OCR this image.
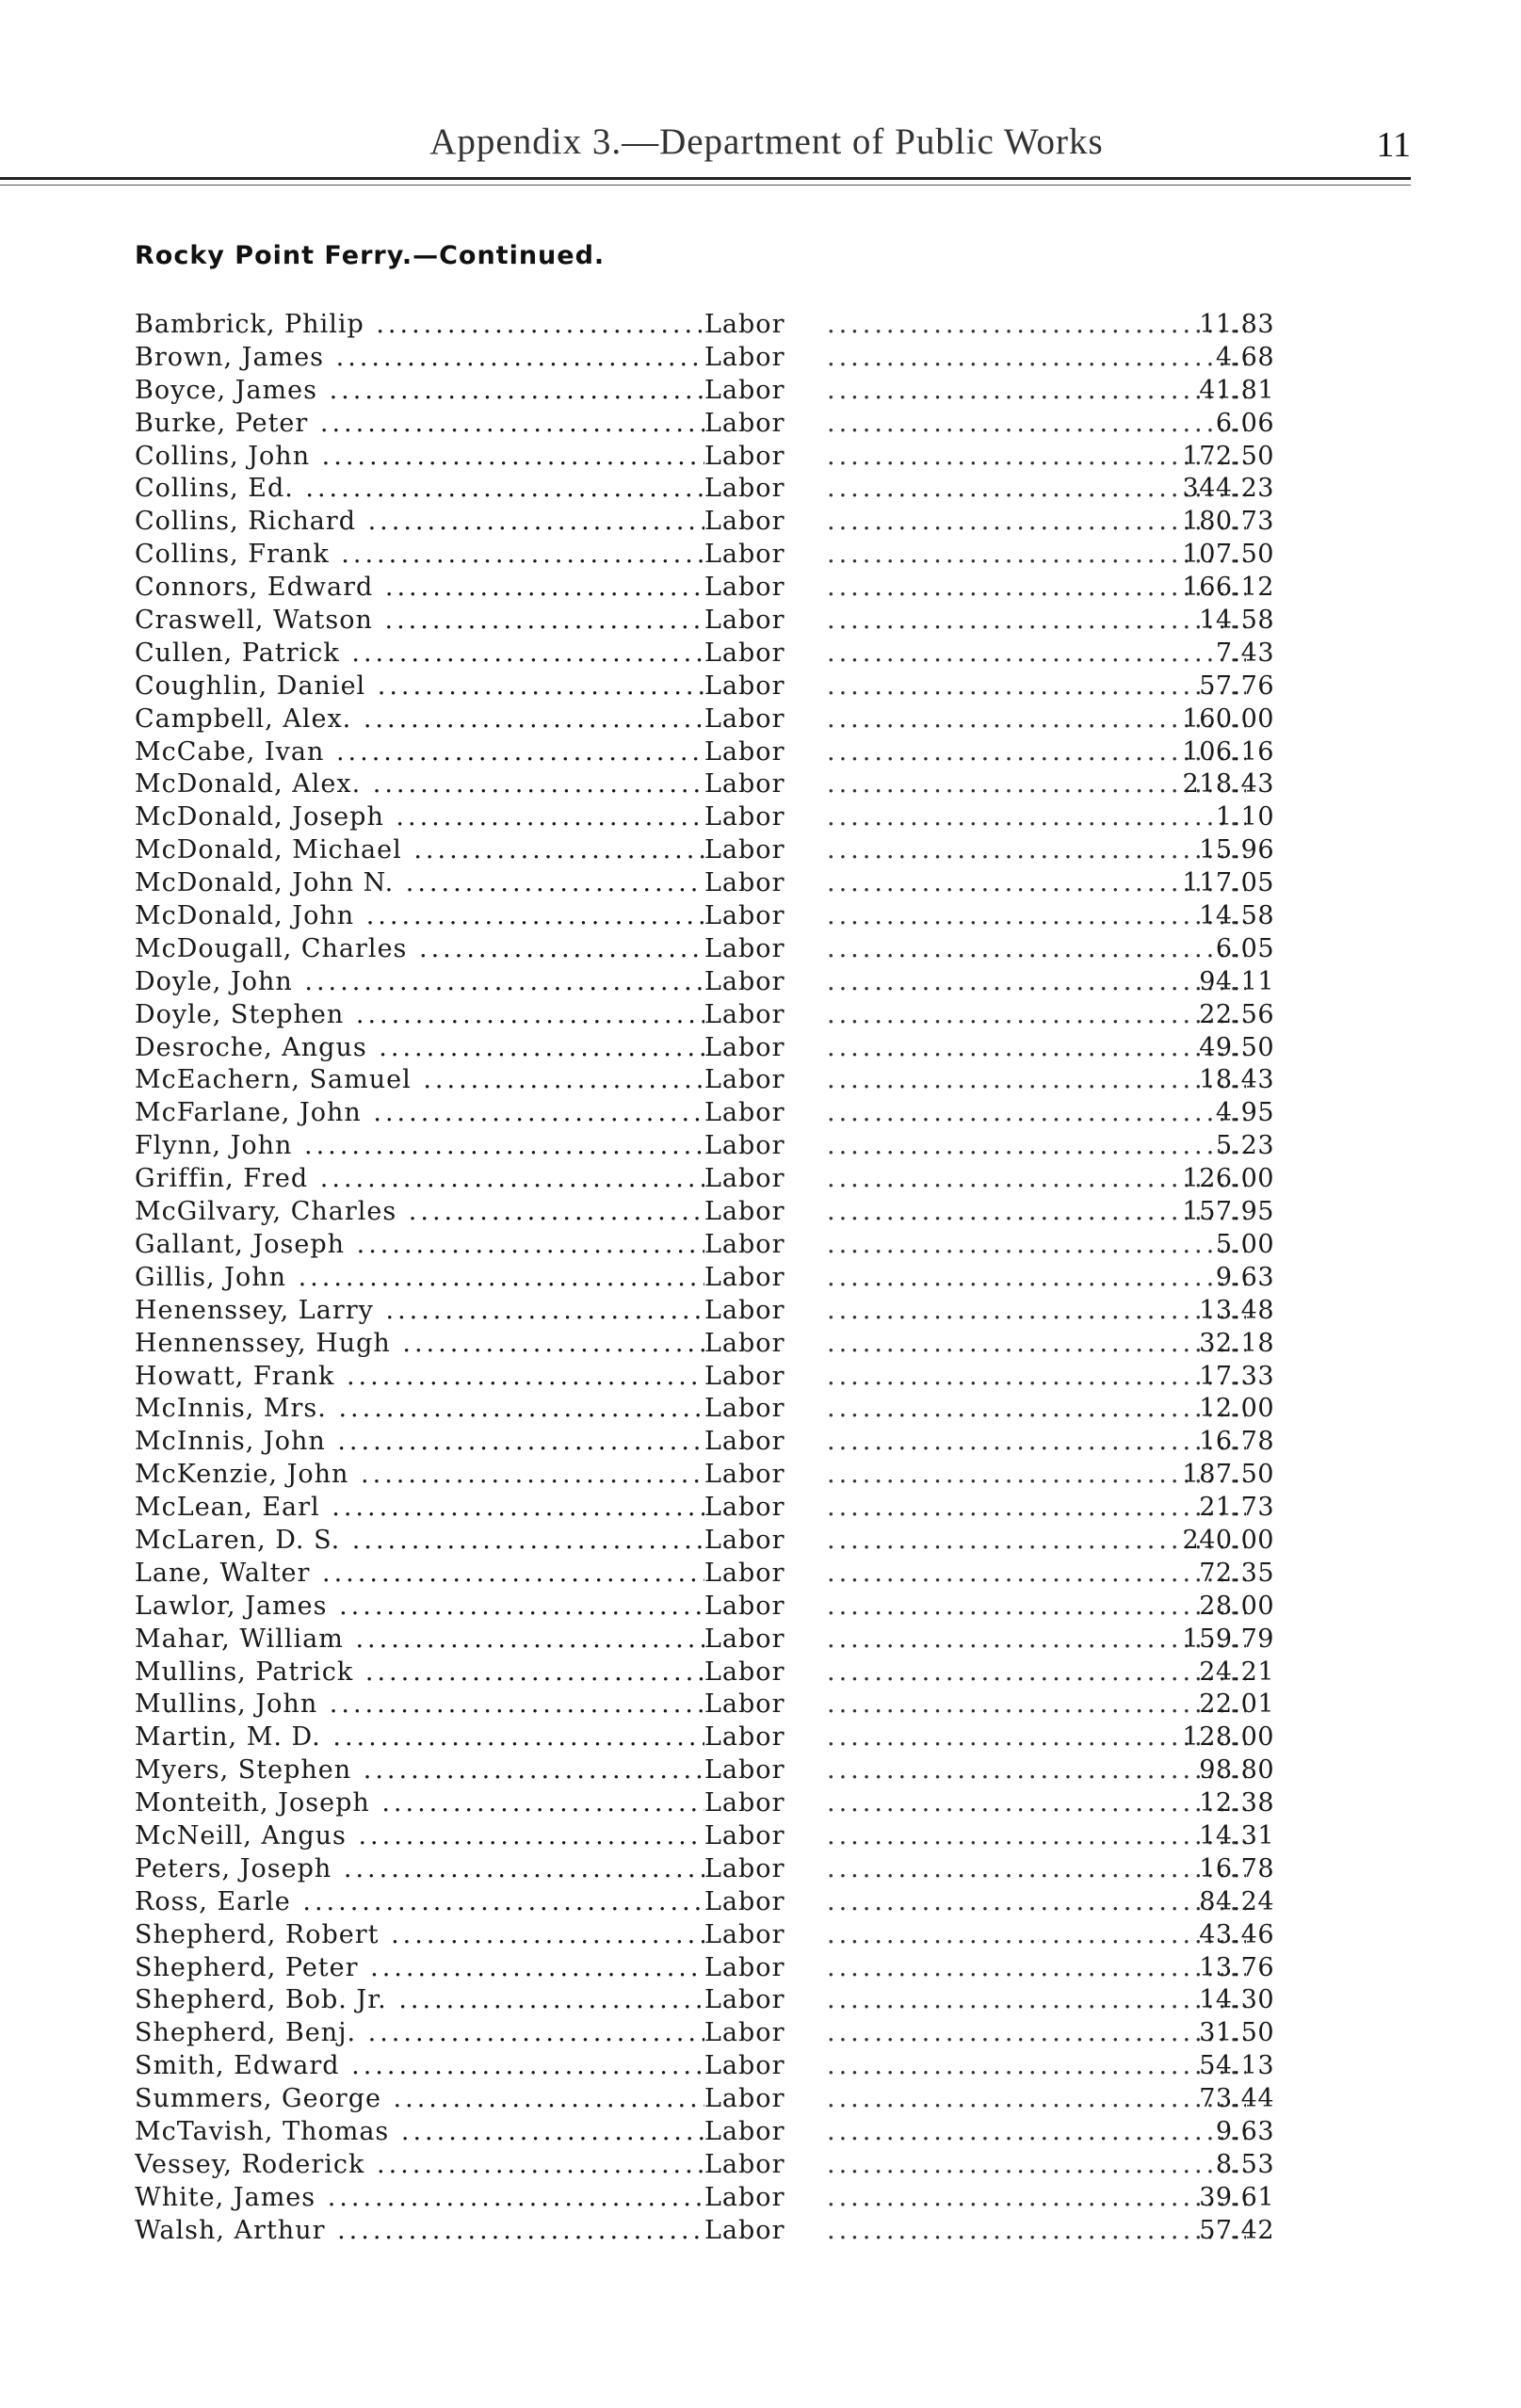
Appendix 3.—Department of Public Works	11
Rocky Point Ferry.—Continued.
Bambrick, Philip .....	Labor .....	11.83
Brown, James .....	Labor .....	4.68
Boyce, James .....	Labor .....	41.81
Burke, Peter .....	Labor .....	6.06
Collins, John .....	Labor .....	172.50
Collins, Ed. .....	Labor .....	344.23
Collins, Richard .....	Labor .....	180.73
Collins, Frank .....	Labor .....	107.50
Connors, Edward .....	Labor .....	166.12
Craswell, Watson .....	Labor .....	14.58
Cullen, Patrick .....	Labor .....	7.43
Coughlin, Daniel .....	Labor .....	57.76
Campbell, Alex. .....	Labor .....	160.00
McCabe, Ivan .....	Labor .....	106.16
McDonald, Alex. .....	Labor .....	218.43
McDonald, Joseph .....	Labor .....	1.10
McDonald, Michael .....	Labor .....	15.96
McDonald, John N. .....	Labor .....	117.05
McDonald, John .....	Labor .....	14.58
McDougall, Charles .....	Labor .....	6.05
Doyle, John .....	Labor .....	94.11
Doyle, Stephen .....	Labor .....	22.56
Desroche, Angus .....	Labor .....	49.50
McEachern, Samuel .....	Labor .....	18.43
McFarlane, John .....	Labor .....	4.95
Flynn, John .....	Labor .....	5.23
Griffin, Fred .....	Labor .....	126.00
McGilvary, Charles .....	Labor .....	157.95
Gallant, Joseph .....	Labor .....	5.00
Gillis, John .....	Labor .....	9.63
Henenssey, Larry .....	Labor .....	13.48
Hennenssey, Hugh .....	Labor .....	32.18
Howatt, Frank .....	Labor .....	17.33
McInnis, Mrs. .....	Labor .....	12.00
McInnis, John .....	Labor .....	16.78
McKenzie, John .....	Labor .....	187.50
McLean, Earl .....	Labor .....	21.73
McLaren, D. S. .....	Labor .....	240.00
Lane, Walter .....	Labor .....	72.35
Lawlor, James .....	Labor .....	28.00
Mahar, William .....	Labor .....	159.79
Mullins, Patrick .....	Labor .....	24.21
Mullins, John .....	Labor .....	22.01
Martin, M. D. .....	Labor .....	128.00
Myers, Stephen .....	Labor .....	98.80
Monteith, Joseph .....	Labor .....	12.38
McNeill, Angus .....	Labor .....	14.31
Peters, Joseph .....	Labor .....	16.78
Ross, Earle .....	Labor .....	84.24
Shepherd, Robert .....	Labor .....	43.46
Shepherd, Peter .....	Labor .....	13.76
Shepherd, Bob. Jr. .....	Labor .....	14.30
Shepherd, Benj. .....	Labor .....	31.50
Smith, Edward .....	Labor .....	54.13
Summers, George .....	Labor .....	73.44
McTavish, Thomas .....	Labor .....	9.63
Vessey, Roderick .....	Labor .....	8.53
White, James .....	Labor .....	39.61
Walsh, Arthur .....	Labor .....	57.42
